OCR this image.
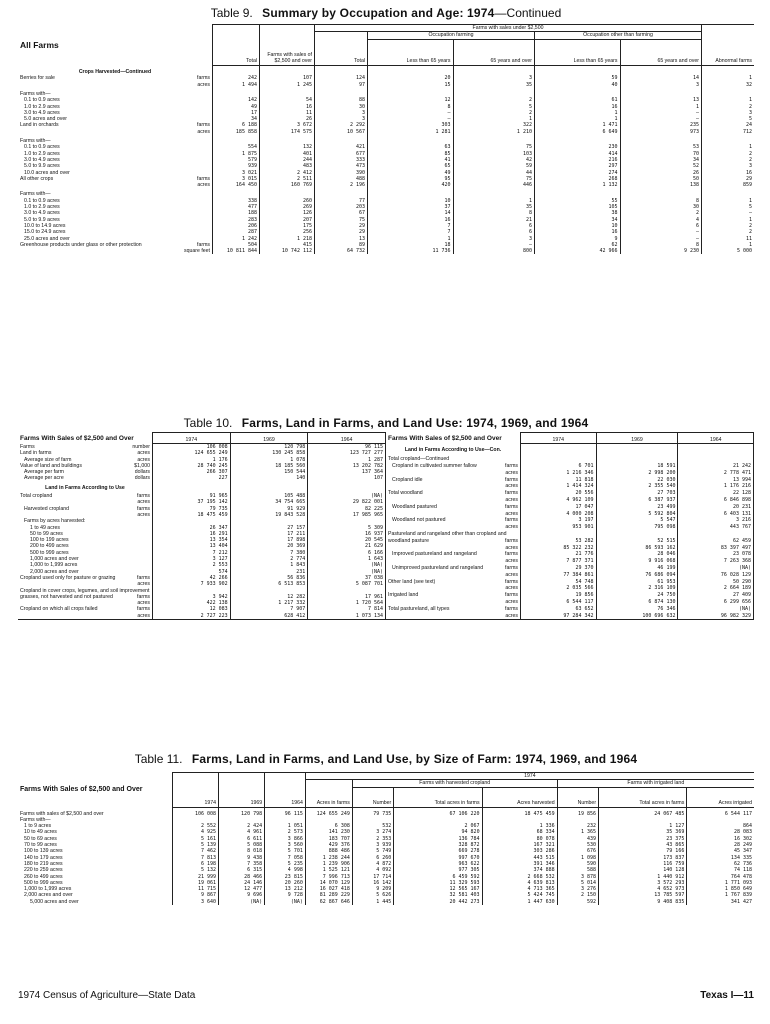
Table 9. Summary by Occupation and Age: 1974—Continued
All Farms	Total	Farms with sales of $2,500 and over	Farms with sales under $2,500					Abnormal farms
			Total	Occupation farming		Occupation other than farming		
				Less than 65 years	65 years and over	Less than 65 years	65 years and over	
Crops Harvested—Continued								
Berries for sale farms	242	107	124	20	3	59	14	1

acres	1 494	1 245	97	15	35	40	3	32

Farms with—								
0.1 to 0.9 acres	142	54	88	12	2	61	13	1
1.0 to 2.9 acres	49	16	30	8	5	16	1	2
3.0 to 4.9 acres	17	11	3	–	2	1	–	3
5.0 acres and over	34	26	3	–	1	1	–	5
Land in orchards farms	6 188	3 672	2 292	303	322	1 471	235	24

acres	185 858	174 575	10 567	1 281	1 210	6 649	973	712

Farms with—								
0.1 to 0.9 acres	554	132	421	63	75	230	53	1
1.0 to 2.9 acres	1 875	401	677	85	103	414	70	2
3.0 to 4.9 acres	579	244	333	41	42	216	34	2
5.0 to 9.9 acres	939	483	473	65	59	297	52	3
10.0 acres and over	3 021	2 412	390	49	44	274	26	16
All other crops farms	3 015	2 511	488	95	75	268	50	29

acres	164 450	160 769	2 196	420	446	1 132	138	859

Farms with—								
0.1 to 0.9 acres	338	260	77	10	1	55	8	1
1.0 to 2.9 acres	477	269	203	37	35	105	30	5
3.0 to 4.9 acres	188	126	67	14	8	38	2	–
5.0 to 9.9 acres	283	207	75	16	21	34	4	1
10.0 to 14.9 acres	206	175	29	7	6	10	6	2
15.0 to 24.9 acres	287	256	29	7	6	16	–	2
25.0 acres and over	1 242	1 218	13	1	3	9	–	11
Greenhouse products under glass or other protection farms	504	415	89	18	–	62	8	1

square feet	10 811 844	10 742 112	64 732	11 736	800	42 966	9 230	5 000
Table 10. Farms, Land in Farms, and Land Use: 1974, 1969, and 1964
Farms With Sales of $2,500 and Over	1974	1969	1964
Farms number	106 008	120 798	96 115
Land in farms acres	124 655 249	130 245 858	123 727 277
Average size of farm acres	1 176	1 078	1 287
Value of land and buildings $1,000	28 740 245	18 185 560	13 202 782
Average per farm dollars	266 307	150 544	137 364
Average per acre dollars	227	140	107
Land in Farms According to Use			
Total cropland farms	91 965	105 488	(NA)

acres	37 195 142	34 754 665	29 822 001
Harvested cropland farms	79 735	91 929	82 225

acres	18 475 459	19 843 528	17 985 965
Farms by acres harvested:			
1 to 49 acres	26 347	27 157	5 309
50 to 99 acres	16 291	17 211	16 937
100 to 199 acres	13 354	17 898	20 545
200 to 499 acres	13 404	20 369	21 629
500 to 999 acres	7 212	7 380	6 166
1,000 acres and over	3 127	2 774	1 643
1,000 to 1,999 acres	2 553	1 843	(NA)
2,000 acres and over	574	231	(NA)
Cropland used only for pasture or grazing farms	42 266	56 836	37 038

acres	7 933 902	6 513 853	5 087 701
Cropland in cover crops, legumes, and soil improvement grasses, not harvested and not pastured farms	3 942	12 282	17 961

acres	422 138	1 217 332	1 720 564
Cropland on which all crops failed farms	12 083	7 907	7 814

acres	2 727 223	628 412	1 073 134

Farms With Sales of $2,500 and Over	1974	1969	1964
Land in Farms According to Use—Con.			
Total cropland—Continued			
Cropland in cultivated summer fallow farms	6 701	18 591	21 242

acres	1 216 346	2 998 200	2 778 471
Cropland idle farms	11 818	22 030	13 994

acres	1 414 324	2 355 540	1 176 216
Total woodland farms	20 556	27 703	22 128

acres	4 962 109	6 387 937	6 846 898
Woodland pastured farms	17 047	23 499	20 231

acres	4 000 208	5 592 804	6 403 131
Woodland not pastured farms	3 197	5 547	3 216

acres	953 901	795 098	443 767
Pastureland and rangeland other than cropland and woodland pasture farms	53 282	52 515	62 459

acres	85 322 232	86 593 162	83 397 497
Improved pastureland and rangeland farms	21 776	28 046	23 078

acres	7 877 371	9 916 068	7 263 368
Unimproved pastureland and rangeland farms	29 370	46 199	(NA)

acres	77 384 861	76 686 094	76 028 129
Other land (see text) farms	54 748	61 953	50 290

acres	2 035 566	2 316 109	2 664 189
Irrigated land farms	19 856	24 750	27 409

acres	6 544 117	6 874 130	6 299 656
Total pastureland, all types farms	63 652	76 346	(NA)

acres	97 284 342	100 696 632	96 982 329

Table 11. Farms, Land in Farms, and Land Use, by Size of Farm: 1974, 1969, and 1964
Farms With Sales of $2,500 and Over	1974	1969	1964	1974						
				Acres in farms	Farms with harvested cropland			Farms with irrigated land		
					Number	Total acres in farms	Acres harvested	Number	Total acres in farms	Acres irrigated
Farms with sales of $2,500 and over	106 008	120 798	96 115	124 655 249	79 735	67 106 220	18 475 459	19 856	24 067 485	6 544 117
Farms with—										
1 to 9 acres	2 552	2 424	1 051	6 308	532	2 067	1 336	232	1 127	864
10 to 49 acres	4 925	4 961	2 573	141 230	3 274	94 820	68 334	1 365	35 369	28 083
50 to 69 acres	5 161	6 611	3 866	183 707	2 353	136 784	80 078	439	23 375	16 302
70 to 99 acres	5 139	5 088	3 560	429 376	3 939	328 872	167 321	530	43 865	28 249
100 to 139 acres	7 462	8 018	5 701	888 486	5 749	669 278	303 286	676	79 166	45 347
140 to 179 acres	7 813	9 438	7 058	1 238 244	6 260	997 670	443 515	1 098	173 837	134 335
180 to 219 acres	6 198	7 358	5 235	1 239 906	4 872	963 622	391 346	590	116 759	62 736
220 to 259 acres	5 132	6 315	4 998	1 525 121	4 092	977 305	374 888	588	140 128	74 118
260 to 499 acres	21 999	28 466	23 815	7 996 713	17 714	6 459 592	2 668 532	3 878	1 440 912	764 478
500 to 999 acres	19 061	24 146	20 260	14 070 129	16 142	11 329 593	4 639 813	5 014	3 572 293	1 771 093
1,000 to 1,999 acres	11 715	12 477	13 212	16 027 418	9 209	12 565 167	4 713 365	3 276	4 652 973	1 850 649
2,000 acres and over	9 867	9 696	9 728	81 289 229	5 626	32 581 403	5 424 745	2 150	13 785 597	1 767 839
5,000 acres and over	3 640	(NA)	(NA)	62 867 646	1 445	20 442 273	1 447 630	592	9 408 835	341 427
1974 Census of Agriculture—State Data	Texas I—11
